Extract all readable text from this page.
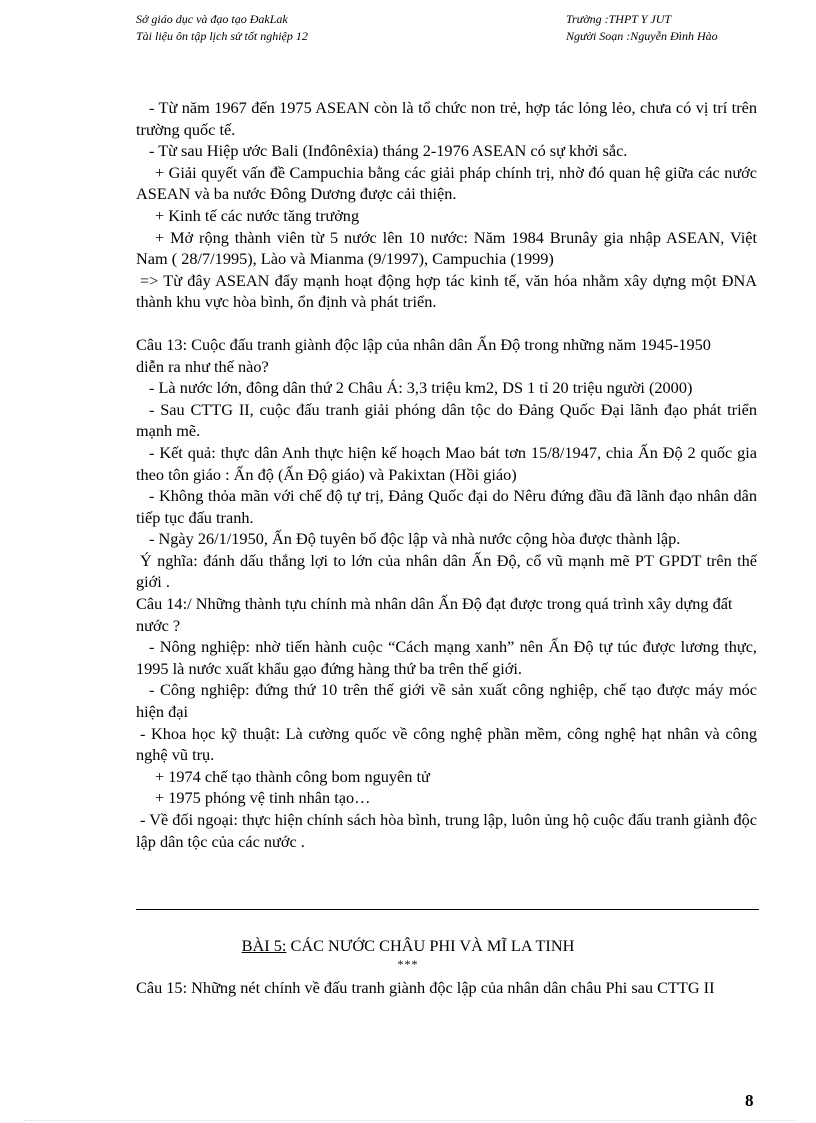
Sở giáo dục và đạo tạo ĐakLak
Tài liệu ôn tập lịch sử tốt nghiệp 12
Trường :THPT Y JUT
Người Soạn :Nguyễn Đình Hào

- Từ năm 1967 đến 1975 ASEAN còn là tổ chức non trẻ, hợp tác lỏng lẻo, chưa có vị trí trên trường quốc tế.

- Từ sau Hiệp ước Bali (Inđônêxia) tháng 2-1976 ASEAN có sự khởi sắc.

+ Giải quyết vấn đề Campuchia bằng các giải pháp chính trị, nhờ đó quan hệ giữa các nước ASEAN và ba nước Đông Dương được cải thiện.

+ Kinh tế các nước tăng trưởng

+ Mở rộng thành viên từ 5 nước lên 10 nước: Năm 1984 Brunây gia nhập ASEAN, Việt Nam ( 28/7/1995), Lào và Mianma (9/1997), Campuchia (1999)

=> Từ đây ASEAN đẩy mạnh hoạt động hợp tác kinh tế, văn hóa nhằm xây dựng một ĐNA thành khu vực hòa bình, ổn định và phát triển.

Câu 13: Cuộc đấu tranh giành độc lập của nhân dân Ấn Độ trong những năm 1945-1950 diễn ra như thế nào?

- Là nước lớn, đông dân thứ 2 Châu Á: 3,3 triệu km2, DS 1 tỉ 20 triệu người (2000)

- Sau CTTG II, cuộc đấu tranh giải phóng dân tộc do Đảng Quốc Đại lãnh đạo phát triển mạnh mẽ.

- Kết quả: thực dân Anh thực hiện kế hoạch Mao bát tơn 15/8/1947, chia Ấn Độ 2 quốc gia theo tôn giáo : Ấn độ (Ấn Độ giáo) và Pakixtan (Hồi giáo)

- Không thỏa mãn với chế độ tự trị, Đảng Quốc đại do Nêru đứng đầu đã lãnh đạo nhân dân tiếp tục đấu tranh.

- Ngày 26/1/1950, Ấn Độ tuyên bố độc lập và nhà nước cộng hòa được thành lập.

Ý nghĩa: đánh dấu thắng lợi to lớn của nhân dân Ấn Độ, cổ vũ mạnh mẽ PT GPDT trên thế giới .

Câu 14:/ Những thành tựu chính mà nhân dân Ấn Độ đạt được trong quá trình xây dựng đất nước ?

- Nông nghiệp: nhờ tiến hành cuộc “Cách mạng xanh” nên Ấn Độ tự túc được lương thực, 1995 là nước xuất khẩu gạo đứng hàng thứ ba trên thế giới.

- Công nghiệp: đứng thứ 10 trên thế giới về sản xuất công nghiệp, chế tạo được máy móc hiện đại

- Khoa học kỹ thuật: Là cường quốc về công nghệ phần mềm, công nghệ hạt nhân và công nghệ vũ trụ.

+ 1974 chế tạo thành công bom nguyên tử

+ 1975 phóng vệ tinh nhân tạo…

- Về đối ngoại: thực hiện chính sách hòa bình, trung lập, luôn ủng hộ cuộc đấu tranh giành độc lập dân tộc của các nước .

BÀI 5: CÁC NƯỚC CHÂU PHI VÀ MĨ LA TINH
***
Câu 15: Những nét chính về đấu tranh giành độc lập của nhân dân châu Phi sau CTTG II
8
